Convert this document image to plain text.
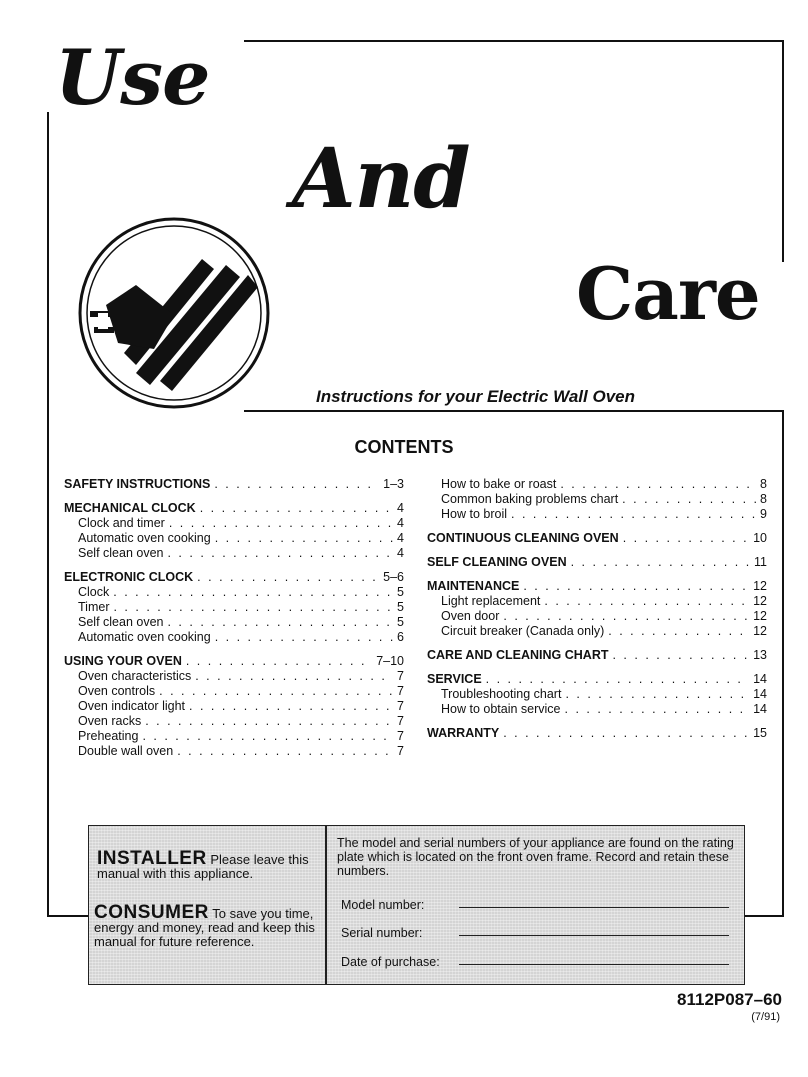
Use
And
Care
Instructions for your Electric Wall Oven
CONTENTS
SAFETY INSTRUCTIONS . . .	1–3
MECHANICAL CLOCK . . .	4
Clock and timer . . .	4
Automatic oven cooking . . .	4
Self clean oven . . .	4
ELECTRONIC CLOCK . . .	5–6
Clock . . .	5
Timer . . .	5
Self clean oven . . .	5
Automatic oven cooking . . .	6
USING YOUR OVEN . . .	7–10
Oven characteristics . . .	7
Oven controls . . .	7
Oven indicator light . . .	7
Oven racks . . .	7
Preheating . . .	7
Double wall oven . . .	7
How to bake or roast . . .	8
Common baking problems chart . . .	8
How to broil . . .	9
CONTINUOUS CLEANING OVEN . . .	10
SELF CLEANING OVEN . . .	11
MAINTENANCE . . .	12
Light replacement . . .	12
Oven door . . .	12
Circuit breaker (Canada only) . . .	12
CARE AND CLEANING CHART . . .	13
SERVICE . . .	14
Troubleshooting chart . . .	14
How to obtain service . . .	14
WARRANTY . . .	15
INSTALLER Please leave this
manual with this appliance.
CONSUMER To save you time, energy and money, read and keep this manual for future reference.
The model and serial numbers of your appliance are found on the rating plate which is located on the front oven frame. Record and retain these numbers.
Model number:
Serial number:
Date of purchase:
8112P087–60
(7/91)
